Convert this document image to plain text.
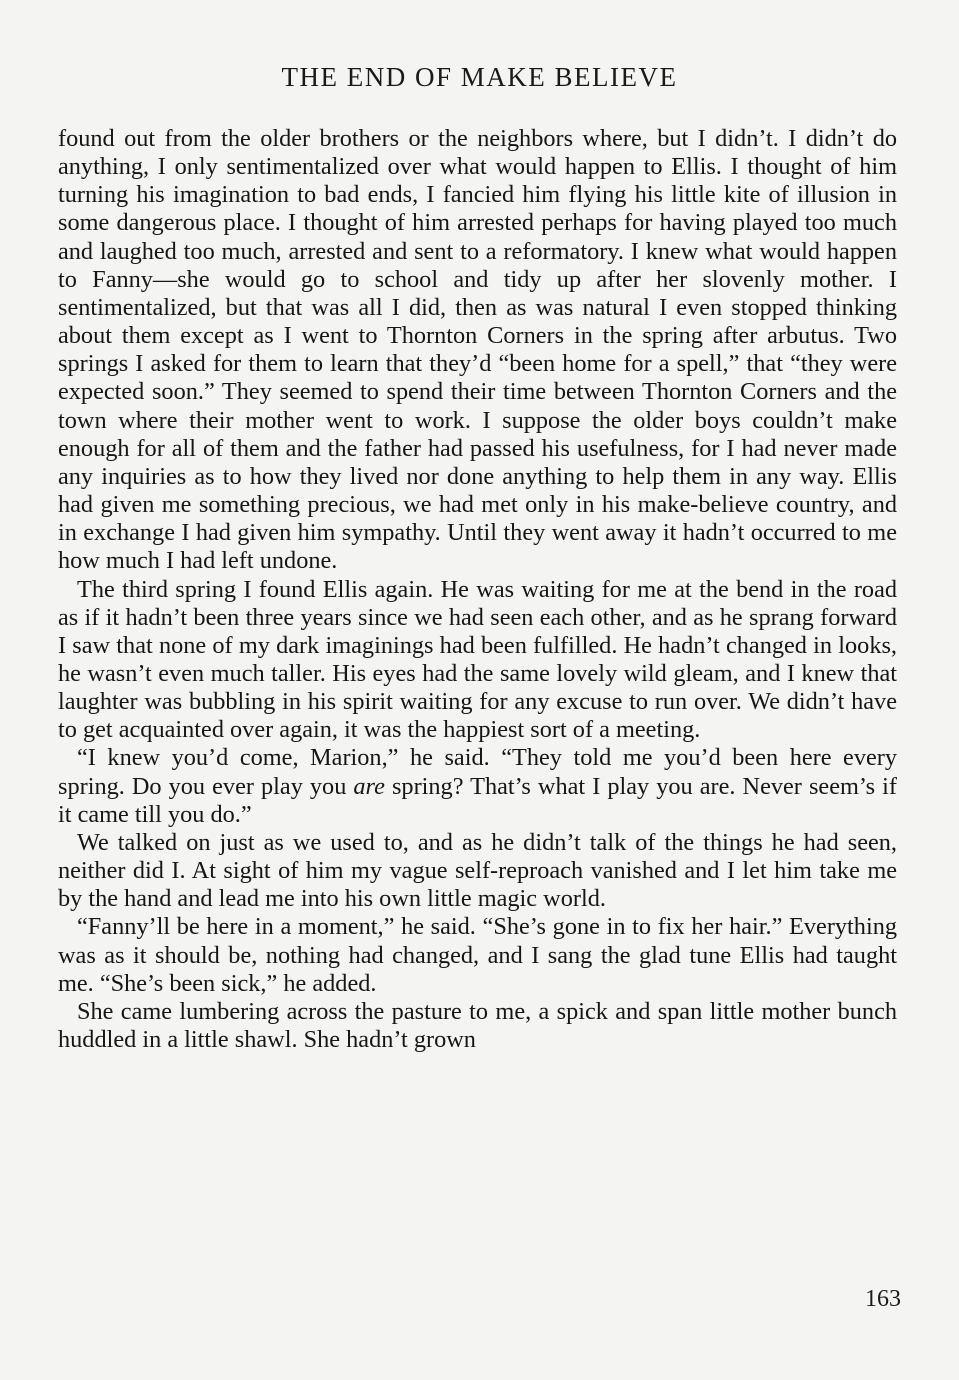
THE END OF MAKE BELIEVE

found out from the older brothers or the neighbors where, but I didn’t. I didn’t do anything, I only sentimentalized over what would happen to Ellis. I thought of him turning his imagination to bad ends, I fancied him flying his little kite of illusion in some dangerous place. I thought of him arrested perhaps for having played too much and laughed too much, arrested and sent to a reformatory. I knew what would happen to Fanny—she would go to school and tidy up after her slovenly mother. I sentimentalized, but that was all I did, then as was natural I even stopped thinking about them except as I went to Thornton Corners in the spring after arbutus. Two springs I asked for them to learn that they’d “been home for a spell,” that “they were expected soon.” They seemed to spend their time between Thornton Corners and the town where their mother went to work. I suppose the older boys couldn’t make enough for all of them and the father had passed his usefulness, for I had never made any inquiries as to how they lived nor done anything to help them in any way. Ellis had given me something precious, we had met only in his make-believe country, and in exchange I had given him sympathy. Until they went away it hadn’t occurred to me how much I had left undone.

The third spring I found Ellis again. He was waiting for me at the bend in the road as if it hadn’t been three years since we had seen each other, and as he sprang forward I saw that none of my dark imaginings had been fulfilled. He hadn’t changed in looks, he wasn’t even much taller. His eyes had the same lovely wild gleam, and I knew that laughter was bubbling in his spirit waiting for any excuse to run over. We didn’t have to get acquainted over again, it was the happiest sort of a meeting.

“I knew you’d come, Marion,” he said. “They told me you’d been here every spring. Do you ever play you are spring? That’s what I play you are. Never seem’s if it came till you do.”

We talked on just as we used to, and as he didn’t talk of the things he had seen, neither did I. At sight of him my vague self-reproach vanished and I let him take me by the hand and lead me into his own little magic world.

“Fanny’ll be here in a moment,” he said. “She’s gone in to fix her hair.” Everything was as it should be, nothing had changed, and I sang the glad tune Ellis had taught me. “She’s been sick,” he added.

She came lumbering across the pasture to me, a spick and span little mother bunch huddled in a little shawl. She hadn’t grown

163
